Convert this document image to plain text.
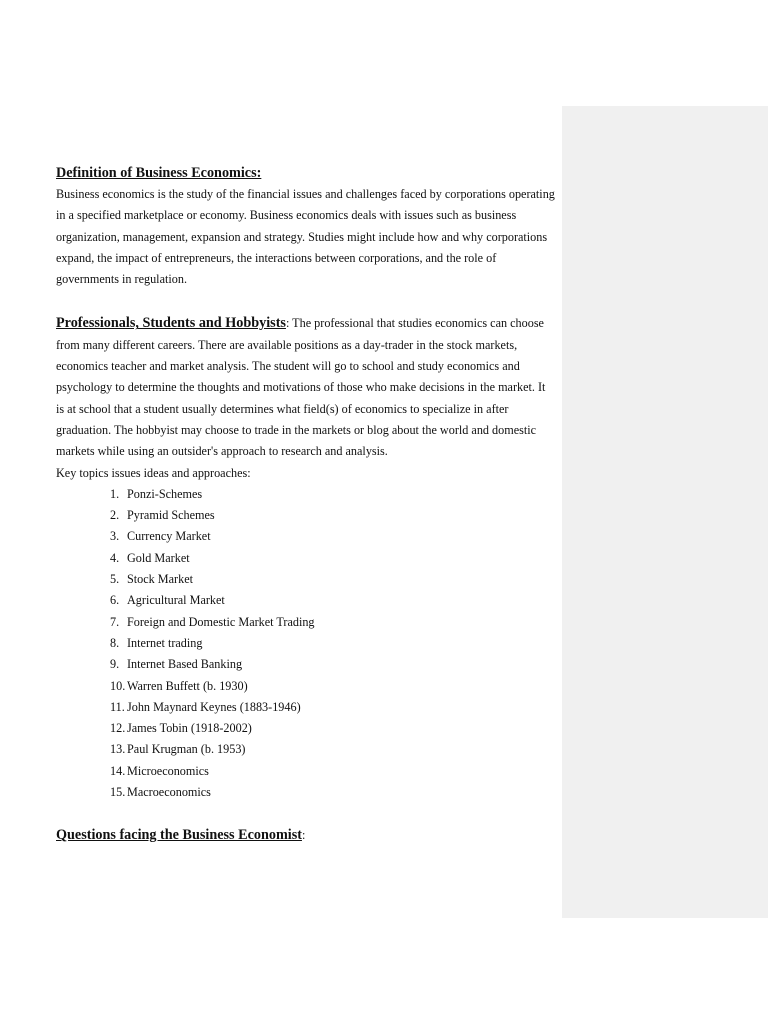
Definition of Business Economics:

Business economics is the study of the financial issues and challenges faced by corporations operating in a specified marketplace or economy. Business economics deals with issues such as business organization, management, expansion and strategy. Studies might include how and why corporations expand, the impact of entrepreneurs, the interactions between corporations, and the role of governments in regulation.

Professionals, Students and Hobbyists: The professional that studies economics can choose from many different careers. There are available positions as a day-trader in the stock markets, economics teacher and market analysis. The student will go to school and study economics and psychology to determine the thoughts and motivations of those who make decisions in the market. It is at school that a student usually determines what field(s) of economics to specialize in after graduation. The hobbyist may choose to trade in the markets or blog about the world and domestic markets while using an outsider's approach to research and analysis.

Key topics issues ideas and approaches:

1. Ponzi-Schemes
2. Pyramid Schemes
3. Currency Market
4. Gold Market
5. Stock Market
6. Agricultural Market
7. Foreign and Domestic Market Trading
8. Internet trading
9. Internet Based Banking
10. Warren Buffett (b. 1930)
11. John Maynard Keynes (1883-1946)
12. James Tobin (1918-2002)
13. Paul Krugman (b. 1953)
14. Microeconomics
15. Macroeconomics
Questions facing the Business Economist:
